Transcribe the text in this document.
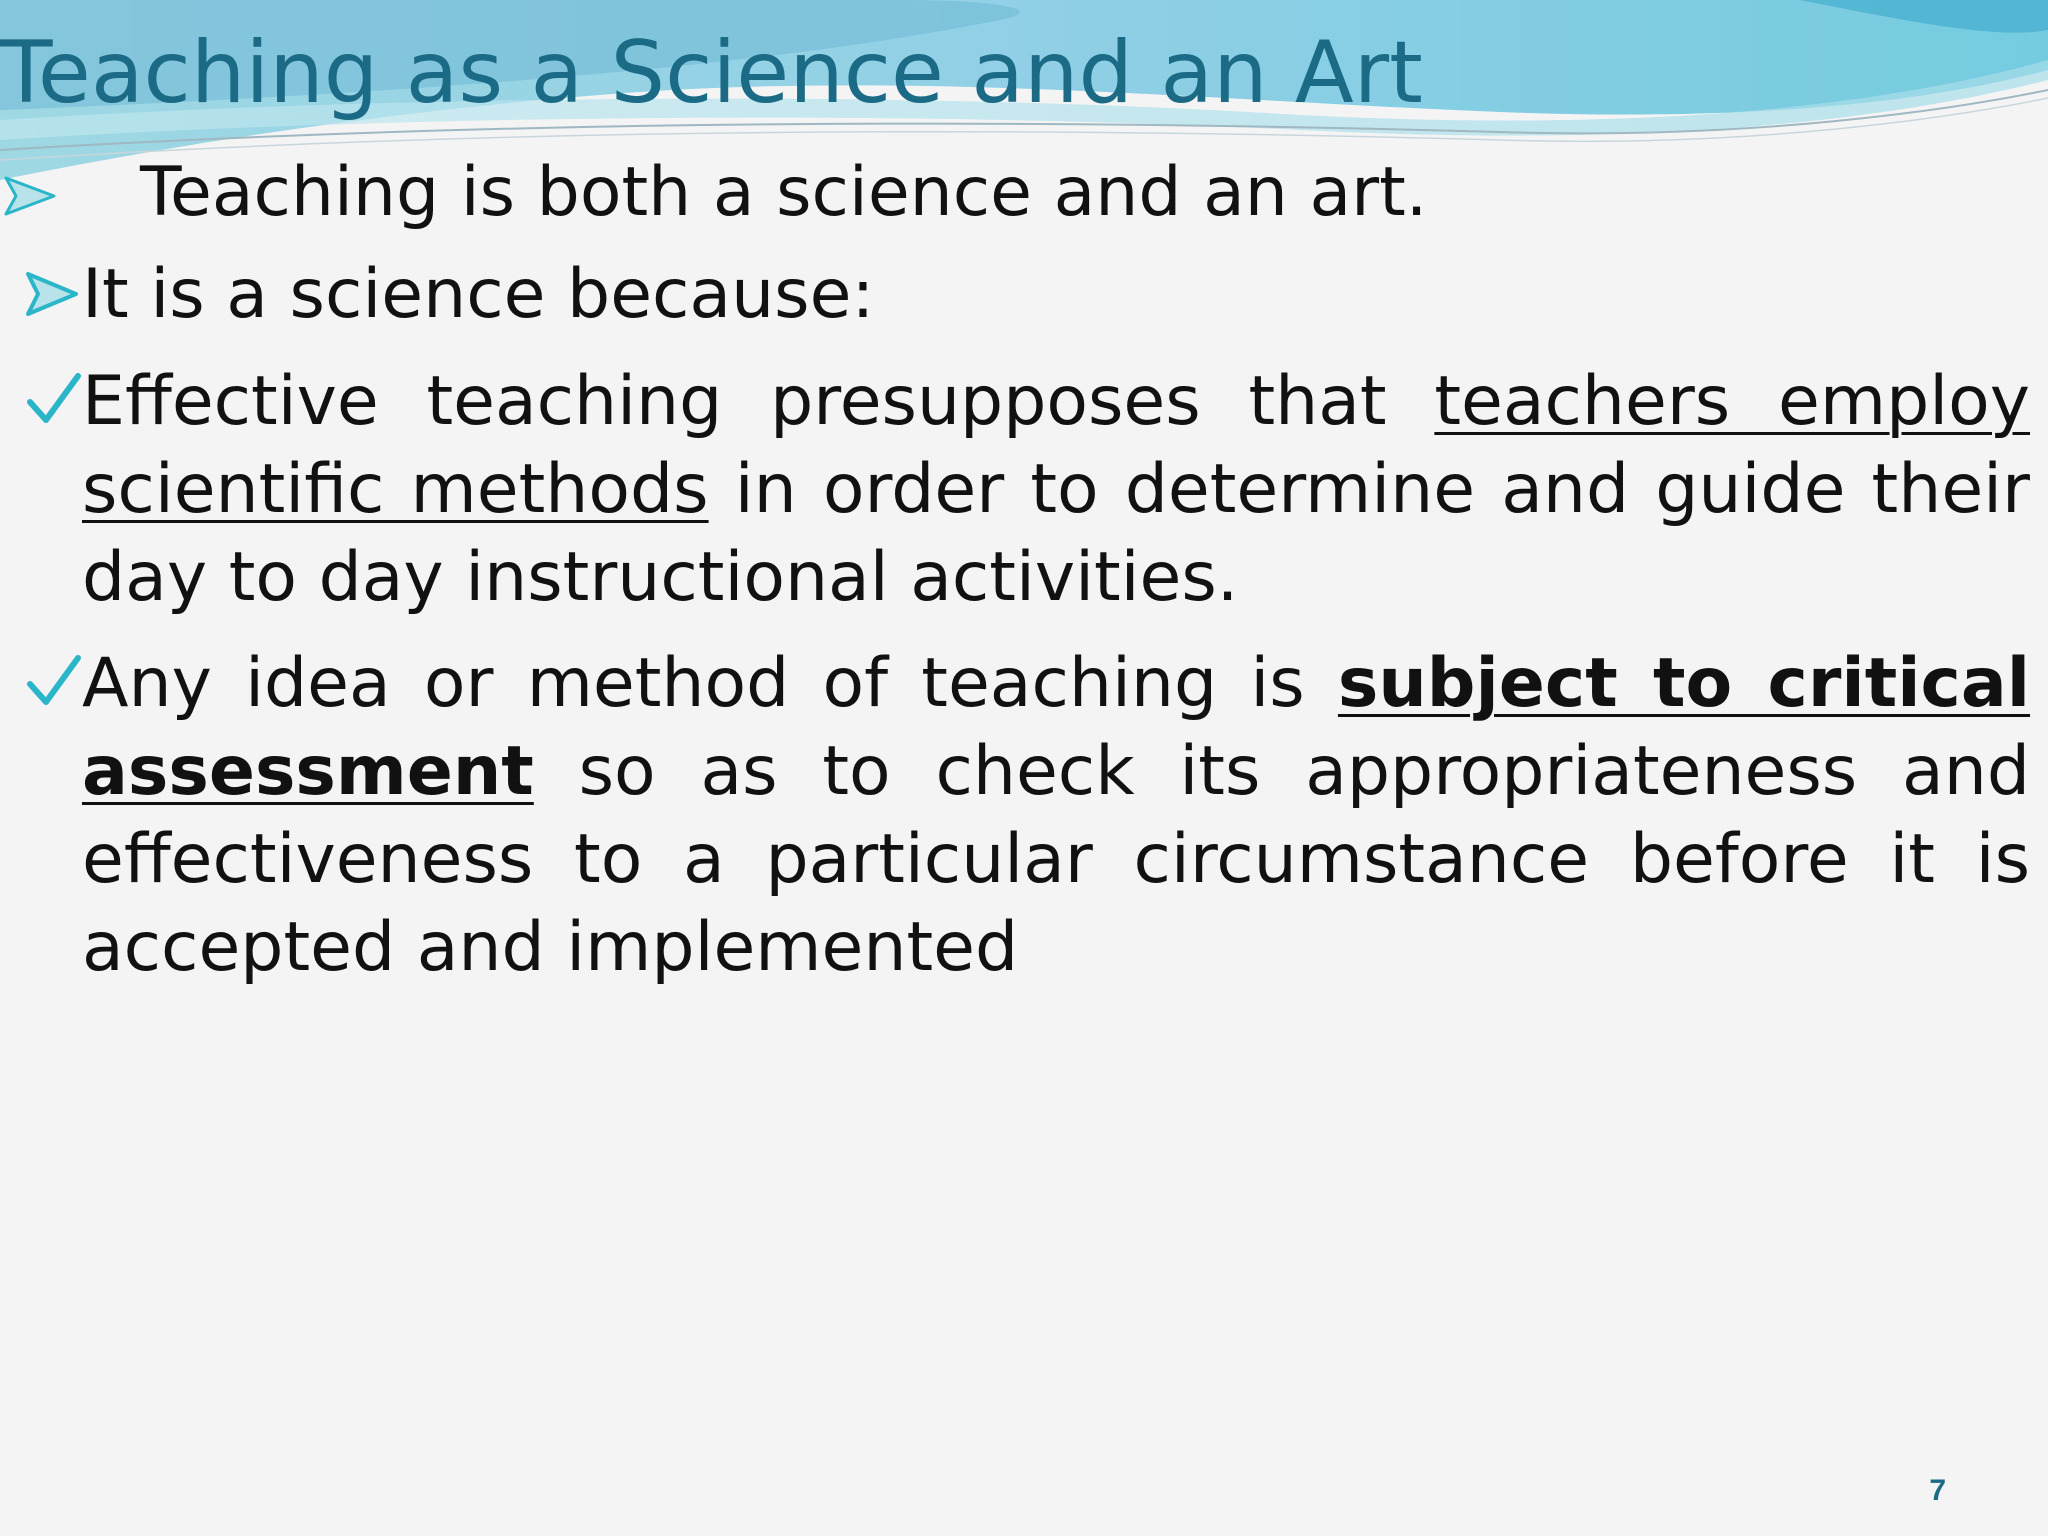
Teaching as a Science and an Art
Teaching is both a science and an art.
It is a science because:
Effective teaching presupposes that teachers employ scientific methods in order to determine and guide their day to day instructional activities.
Any idea or method of teaching is subject to critical assessment so as to check its appropriateness and effectiveness to a particular circumstance before it is accepted and implemented
7
